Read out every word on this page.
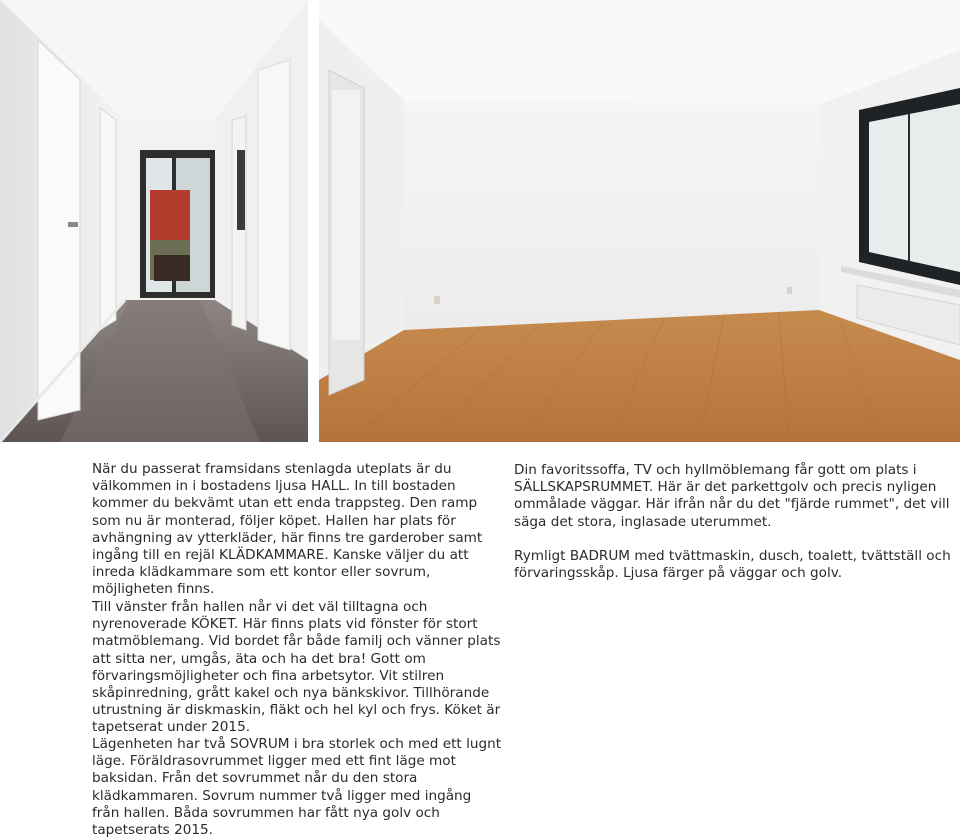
När du passerat framsidans stenlagda uteplats är du välkommen in i bostadens ljusa HALL. In till bostaden kommer du bekvämt utan ett enda trappsteg. Den ramp som nu är monterad, följer köpet. Hallen har plats för avhängning av ytterkläder, här finns tre garderober samt ingång till en rejäl KLÄDKAMMARE. Kanske väljer du att inreda klädkammare som ett kontor eller sovrum, möjligheten finns.

Din favoritssoffa, TV och hyllmöblemang får gott om plats i SÄLLSKAPSRUMMET. Här är det parkettgolv och precis nyligen ommålade väggar. Här ifrån når du det "fjärde rummet", det vill säga det stora, inglasade uterummet.

Rymligt BADRUM med tvättmaskin, dusch, toalett, tvättställ och förvaringsskåp. Ljusa färger på väggar och golv.

Till vänster från hallen når vi det väl tilltagna och nyrenoverade KÖKET. Här finns plats vid fönster för stort matmöblemang. Vid bordet får både familj och vänner plats att sitta ner, umgås, äta och ha det bra! Gott om förvaringsmöjligheter och fina arbetsytor. Vit stilren skåpinredning, grått kakel och nya bänkskivor. Tillhörande utrustning är diskmaskin, fläkt och hel kyl och frys. Köket är tapetserat under 2015.

Lägenheten har två SOVRUM i bra storlek och med ett lugnt läge. Föräldrasovrummet ligger med ett fint läge mot baksidan. Från det sovrummet når du den stora klädkammaren. Sovrum nummer två ligger med ingång från hallen. Båda sovrummen har fått nya golv och tapetserats 2015.
